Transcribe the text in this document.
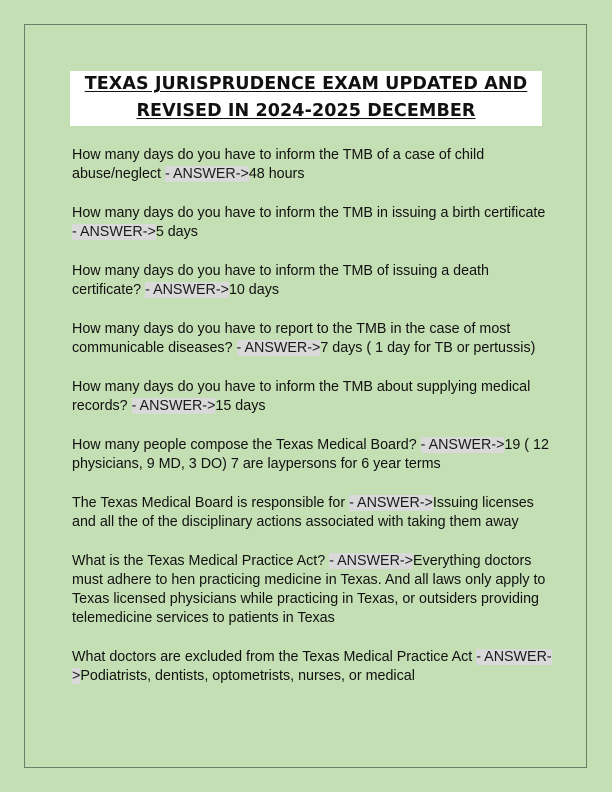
TEXAS JURISPRUDENCE EXAM UPDATED AND
REVISED IN 2024-2025 DECEMBER

How many days do you have to inform the TMB of a case of child abuse/neglect - ANSWER->48 hours

How many days do you have to inform the TMB in issuing a birth certificate - ANSWER->5 days

How many days do you have to inform the TMB of issuing a death certificate? - ANSWER->10 days

How many days do you have to report to the TMB in the case of most communicable diseases? - ANSWER->7 days ( 1 day for TB or pertussis)

How many days do you have to inform the TMB about supplying medical records? - ANSWER->15 days

How many people compose the Texas Medical Board? - ANSWER->19 ( 12 physicians, 9 MD, 3 DO) 7 are laypersons for 6 year terms

The Texas Medical Board is responsible for - ANSWER->Issuing licenses and all the of the disciplinary actions associated with taking them away

What is the Texas Medical Practice Act? - ANSWER->Everything doctors must adhere to hen practicing medicine in Texas. And all laws only apply to Texas licensed physicians while practicing in Texas, or outsiders providing telemedicine services to patients in Texas

What doctors are excluded from the Texas Medical Practice Act - ANSWER->Podiatrists, dentists, optometrists, nurses, or medical
